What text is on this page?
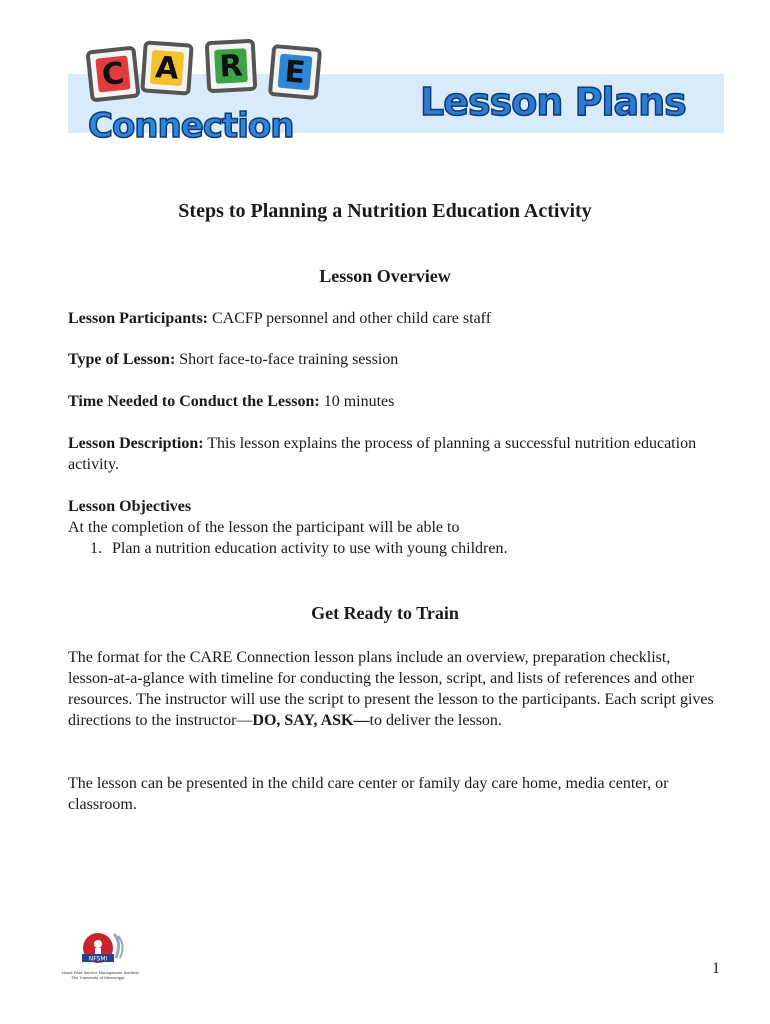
Lesson Plans
C A R E
Connection
Steps to Planning a Nutrition Education Activity
Lesson Overview

Lesson Participants: CACFP personnel and other child care staff

Type of Lesson: Short face-to-face training session

Time Needed to Conduct the Lesson: 10 minutes

Lesson Description: This lesson explains the process of planning a successful nutrition education activity.

Lesson Objectives
At the completion of the lesson the participant will be able to

1. Plan a nutrition education activity to use with young children.

Get Ready to Train

The format for the CARE Connection lesson plans include an overview, preparation checklist, lesson-at-a-glance with timeline for conducting the lesson, script, and lists of references and other resources. The instructor will use the script to present the lesson to the participants. Each script gives directions to the instructor—DO, SAY, ASK—to deliver the lesson.

The lesson can be presented in the child care center or family day care home, media center, or classroom.

NFSMI
National Food Service Management Institute
The University of Mississippi
1
